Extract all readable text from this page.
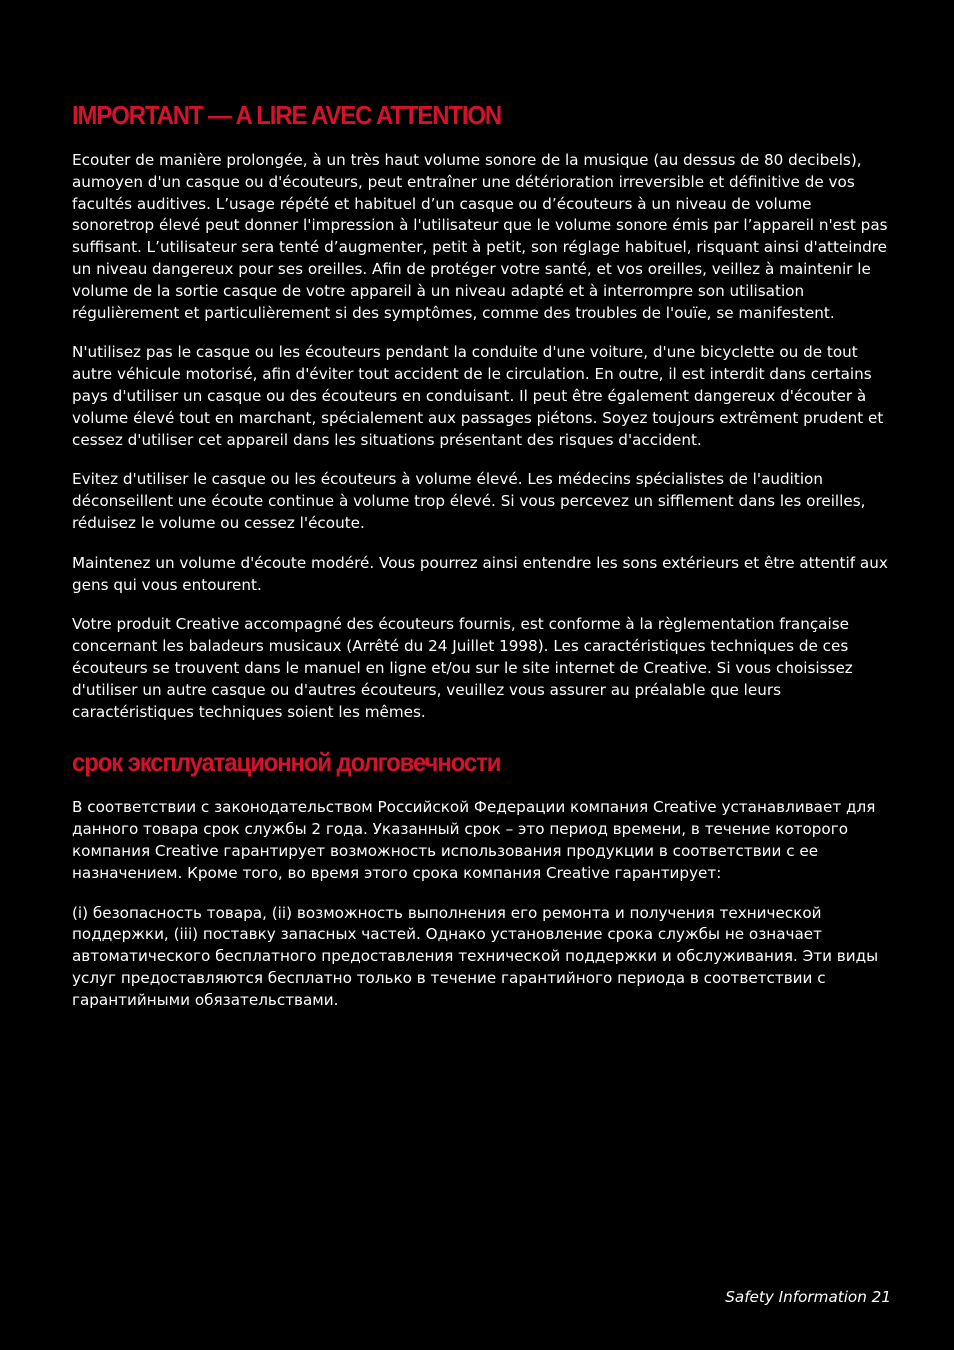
IMPORTANT — A LIRE AVEC ATTENTION

Ecouter de manière prolongée, à un très haut volume sonore de la musique (au dessus de 80 decibels), aumoyen d'un casque ou d'écouteurs, peut entraîner une détérioration irreversible et définitive de vos facultés auditives. L’usage répété et habituel d’un casque ou d’écouteurs à un niveau de volume sonoretrop élevé peut donner l'impression à l'utilisateur que le volume sonore émis par l’appareil n'est pas suffisant. L’utilisateur sera tenté d’augmenter, petit à petit, son réglage habituel, risquant ainsi d'atteindre un niveau dangereux pour ses oreilles. Afin de protéger votre santé, et vos oreilles, veillez à maintenir le volume de la sortie casque de votre appareil à un niveau adapté et à interrompre son utilisation régulièrement et particulièrement si des symptômes, comme des troubles de l'ouïe, se manifestent.

N'utilisez pas le casque ou les écouteurs pendant la conduite d'une voiture, d'une bicyclette ou de tout autre véhicule motorisé, afin d'éviter tout accident de le circulation. En outre, il est interdit dans certains pays d'utiliser un casque ou des écouteurs en conduisant. Il peut être également dangereux d'écouter à volume élevé tout en marchant, spécialement aux passages piétons. Soyez toujours extrêment prudent et cessez d'utiliser cet appareil dans les situations présentant des risques d'accident.

Evitez d'utiliser le casque ou les écouteurs à volume élevé. Les médecins spécialistes de l'audition déconseillent une écoute continue à volume trop élevé. Si vous percevez un sifflement dans les oreilles, réduisez le volume ou cessez l'écoute.

Maintenez un volume d'écoute modéré. Vous pourrez ainsi entendre les sons extérieurs et être attentif aux gens qui vous entourent.

Votre produit Creative accompagné des écouteurs fournis, est conforme à la règlementation française concernant les baladeurs musicaux (Arrêté du 24 Juillet 1998). Les caractéristiques techniques de ces écouteurs se trouvent dans le manuel en ligne et/ou sur le site internet de Creative. Si vous choisissez d'utiliser un autre casque ou d'autres écouteurs, veuillez vous assurer au préalable que leurs caractéristiques techniques soient les mêmes.

срок эксплуатационной долговечности

В соответствии с законодательством Российской Федерации компания Creative устанавливает для данного товара срок службы 2 года. Указанный срок – это период времени, в течение которого компания Creative гарантирует возможность использования продукции в соответствии с ее назначением. Кроме того, во время этого срока компания Creative гарантирует:

(i) безопасность товара, (ii) возможность выполнения его ремонта и получения технической поддержки, (iii) поставку запасных частей. Однако установление срока службы не означает автоматического бесплатного предоставления технической поддержки и обслуживания. Эти виды услуг предоставляются бесплатно только в течение гарантийного периода в соответствии с гарантийными обязательствами.

Safety Information 21
